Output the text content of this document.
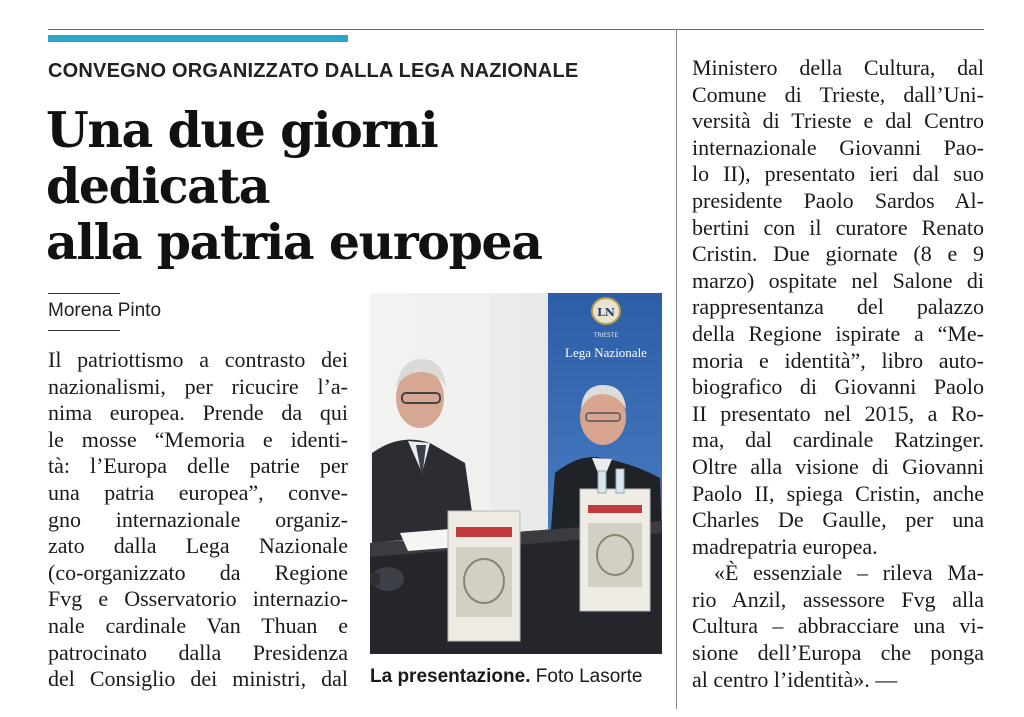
CONVEGNO ORGANIZZATO DALLA LEGA NAZIONALE
Una due giorni dedicata
alla patria europea
Morena Pinto
Il patriottismo a contrasto dei
nazionalismi, per ricucire l’a-
nima europea. Prende da qui
le mosse “Memoria e identi-
tà: l’Europa delle patrie per
una patria europea”, conve-
gno internazionale organiz-
zato dalla Lega Nazionale
(co-organizzato da Regione
Fvg e Osservatorio internazio-
nale cardinale Van Thuan e
patrocinato dalla Presidenza
del Consiglio dei ministri, dal
LN
TRIESTE
Lega Nazionale
La presentazione. Foto Lasorte
Ministero della Cultura, dal
Comune di Trieste, dall’Uni-
versità di Trieste e dal Centro
internazionale Giovanni Pao-
lo II), presentato ieri dal suo
presidente Paolo Sardos Al-
bertini con il curatore Renato
Cristin. Due giornate (8 e 9
marzo) ospitate nel Salone di
rappresentanza del palazzo
della Regione ispirate a “Me-
moria e identità”, libro auto-
biografico di Giovanni Paolo
II presentato nel 2015, a Ro-
ma, dal cardinale Ratzinger.
Oltre alla visione di Giovanni
Paolo II, spiega Cristin, anche
Charles De Gaulle, per una
madrepatria europea.
«È essenziale – rileva Ma-
rio Anzil, assessore Fvg alla
Cultura – abbracciare una vi-
sione dell’Europa che ponga
al centro l’identità». —
